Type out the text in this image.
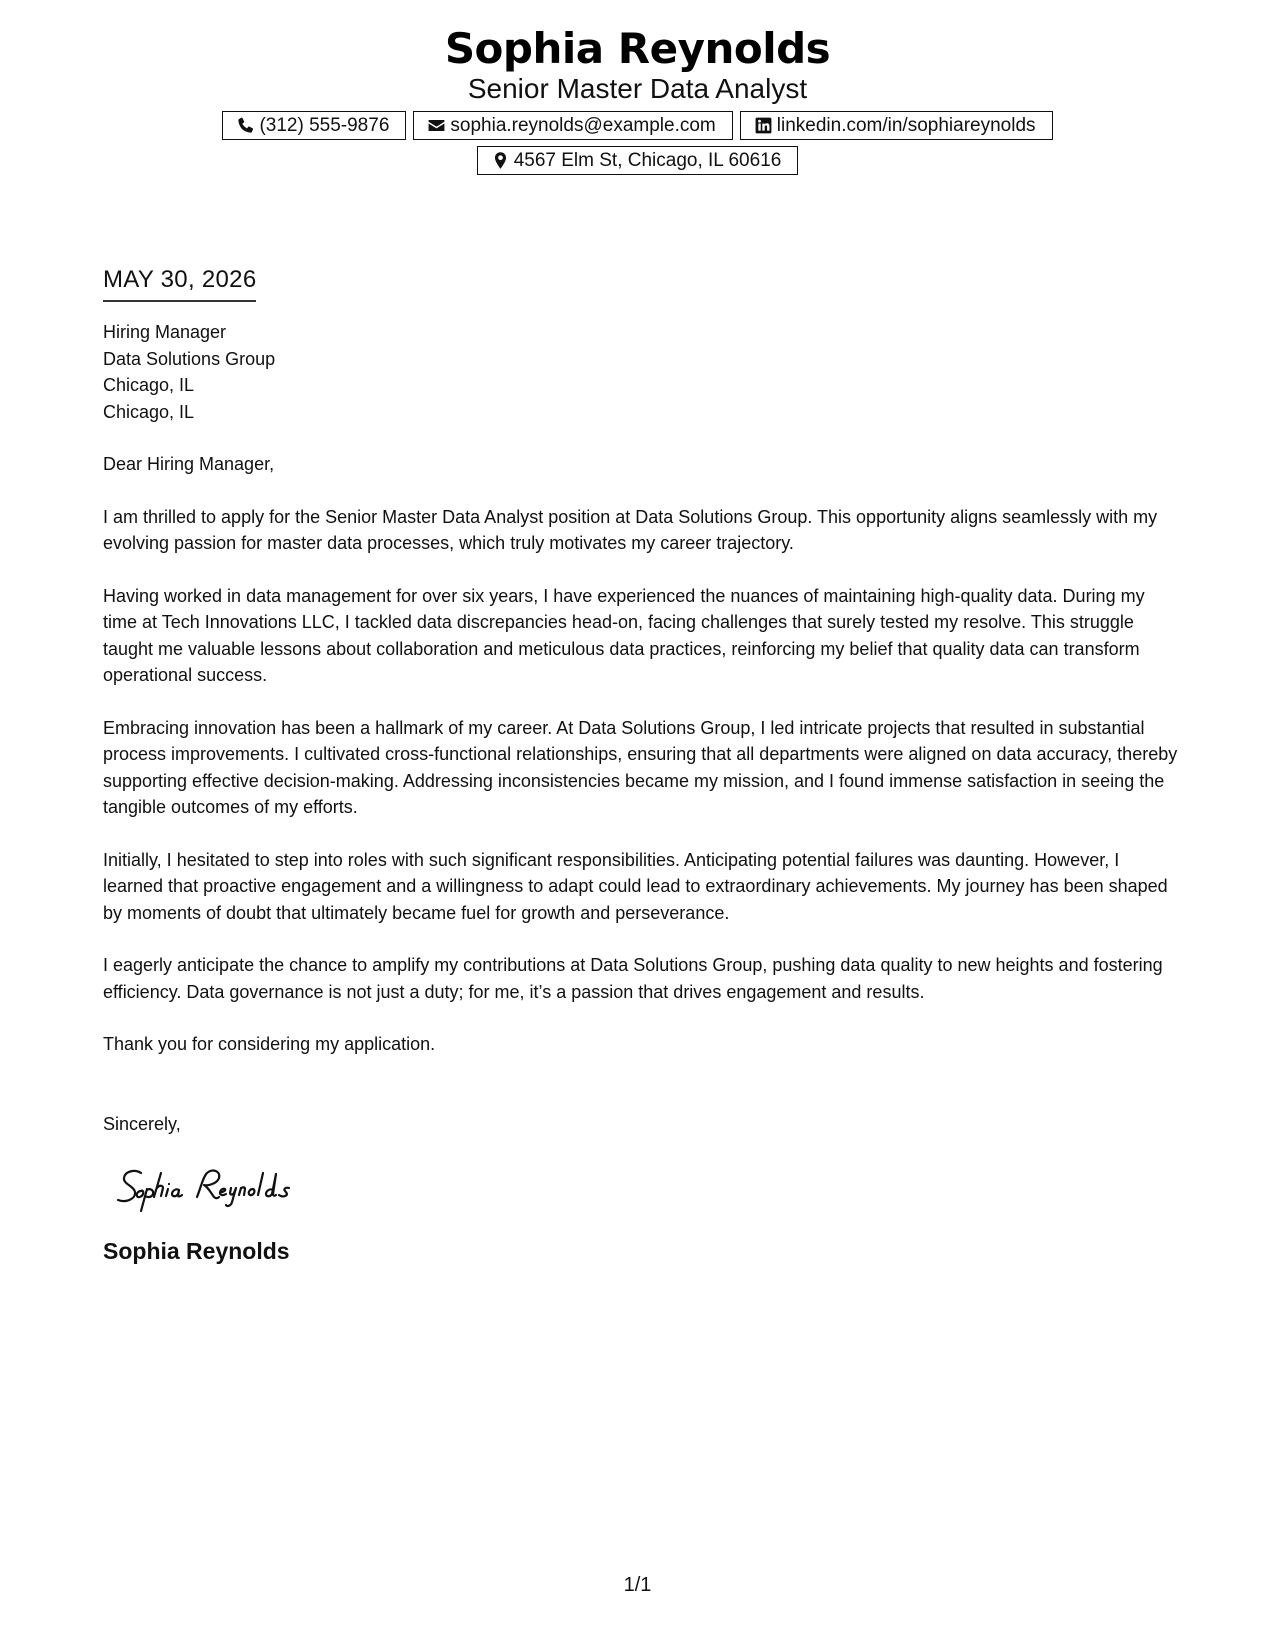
Sophia Reynolds
Senior Master Data Analyst
(312) 555-9876	sophia.reynolds@example.com	linkedin.com/in/sophiareynolds
4567 Elm St, Chicago, IL 60616
MAY 30, 2026
Hiring Manager
Data Solutions Group
Chicago, IL
Chicago, IL
Dear Hiring Manager,
I am thrilled to apply for the Senior Master Data Analyst position at Data Solutions Group. This opportunity aligns seamlessly with my evolving passion for master data processes, which truly motivates my career trajectory.
Having worked in data management for over six years, I have experienced the nuances of maintaining high-quality data. During my time at Tech Innovations LLC, I tackled data discrepancies head-on, facing challenges that surely tested my resolve. This struggle taught me valuable lessons about collaboration and meticulous data practices, reinforcing my belief that quality data can transform operational success.
Embracing innovation has been a hallmark of my career. At Data Solutions Group, I led intricate projects that resulted in substantial process improvements. I cultivated cross-functional relationships, ensuring that all departments were aligned on data accuracy, thereby supporting effective decision-making. Addressing inconsistencies became my mission, and I found immense satisfaction in seeing the tangible outcomes of my efforts.
Initially, I hesitated to step into roles with such significant responsibilities. Anticipating potential failures was daunting. However, I learned that proactive engagement and a willingness to adapt could lead to extraordinary achievements. My journey has been shaped by moments of doubt that ultimately became fuel for growth and perseverance.
I eagerly anticipate the chance to amplify my contributions at Data Solutions Group, pushing data quality to new heights and fostering efficiency. Data governance is not just a duty; for me, it’s a passion that drives engagement and results.
Thank you for considering my application.
Sincerely,
Sophia Reynolds
1/1
